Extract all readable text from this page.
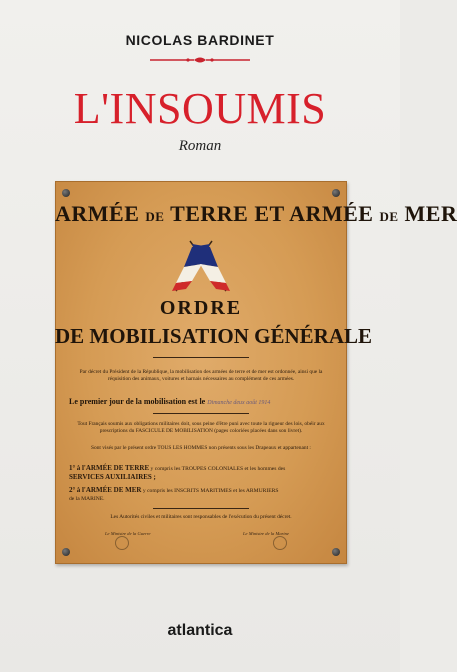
NICOLAS BARDINET
L'INSOUMIS
Roman
ARMÉE DE TERRE ET ARMÉE DE MER
ORDRE
DE MOBILISATION GÉNÉRALE
Par décret du Président de la République, la mobilisation des armées de terre et de mer est ordonnée, ainsi que la réquisition des animaux, voitures et harnais nécessaires au complément de ces armées.
Le premier jour de la mobilisation est le Dimanche deux août 1914
Tout Français soumis aux obligations militaires doit, sous peine d'être puni avec toute la rigueur des lois, obéir aux prescriptions du FASCICULE DE MOBILISATION (pages coloriées placées dans son livret).
Sont visés par le présent ordre TOUS LES HOMMES non présents sous les Drapeaux et appartenant :
1° à l'ARMÉE DE TERRE y compris les TROUPES COLONIALES et les hommes des
SERVICES AUXILIAIRES ;
2° à l'ARMÉE DE MER y compris les INSCRITS MARITIMES et les ARMURIERS
de la MARINE.
Les Autorités civiles et militaires sont responsables de l'exécution du présent décret.
Le Ministre de la Guerre	Le Ministre de la Marine
atlantica
